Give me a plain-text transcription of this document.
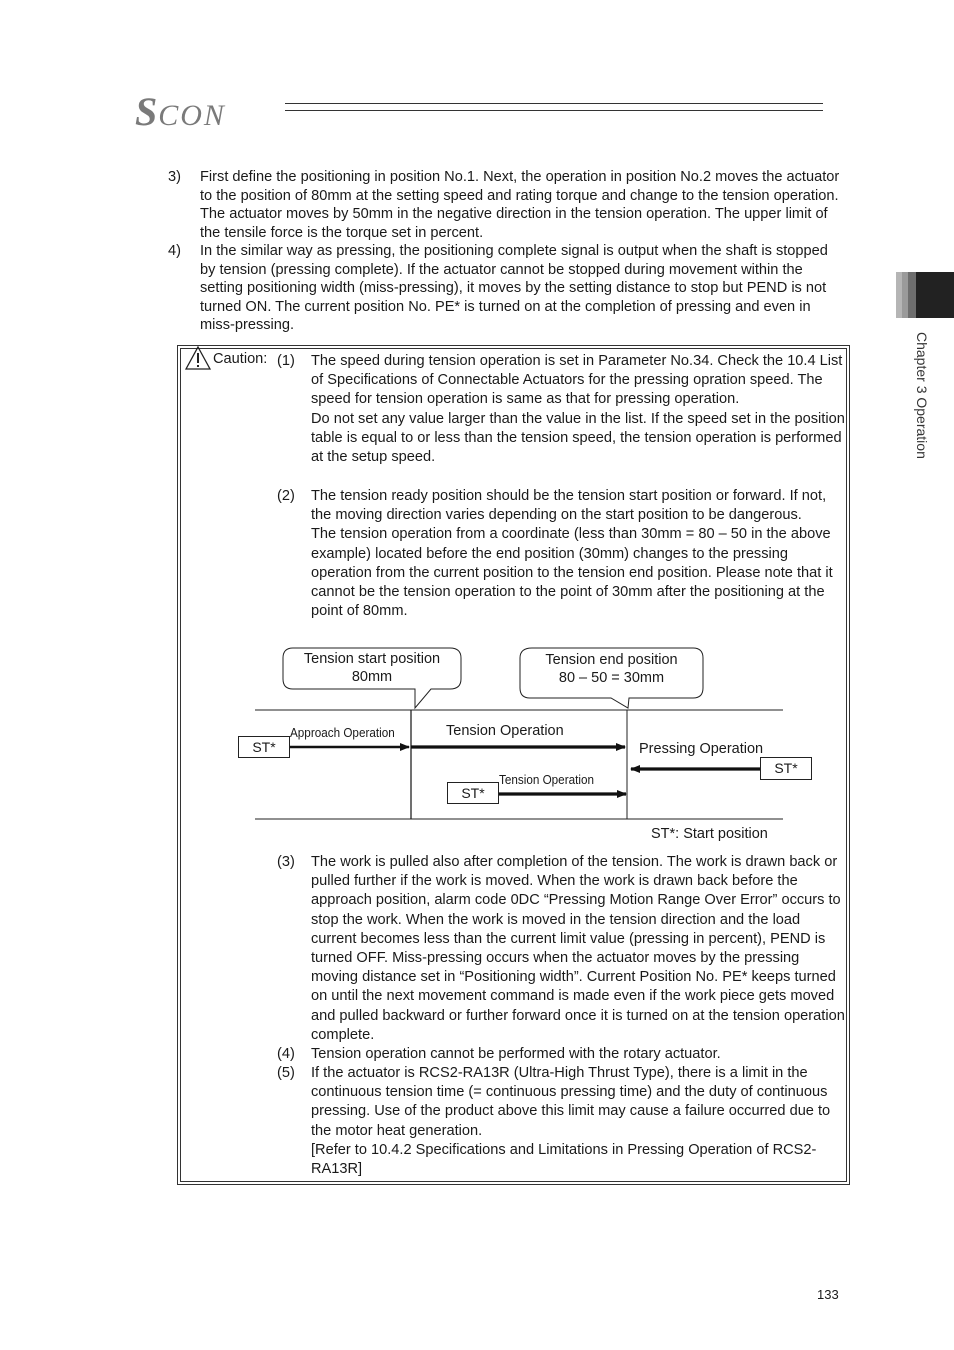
SCON
Chapter 3 Operation
3) First define the positioning in position No.1. Next, the operation in position No.2 moves the actuator to the position of 80mm at the setting speed and rating torque and change to the tension operation. The actuator moves by 50mm in the negative direction in the tension operation. The upper limit of the tensile force is the torque set in percent.
4) In the similar way as pressing, the positioning complete signal is output when the shaft is stopped by tension (pressing complete). If the actuator cannot be stopped during movement within the setting positioning width (miss-pressing), it moves by the setting distance to stop but PEND is not turned ON. The current position No. PE* is turned on at the completion of pressing and even in miss-pressing.
Caution: (1) The speed during tension operation is set in Parameter No.34. Check the 10.4 List of Specifications of Connectable Actuators for the pressing opration speed. The speed for tension operation is same as that for pressing operation.
Do not set any value larger than the value in the list. If the speed set in the position table is equal to or less than the tension speed, the tension operation is performed at the setup speed.
(2) The tension ready position should be the tension start position or forward. If not, the moving direction varies depending on the start position to be dangerous.
The tension operation from a coordinate (less than 30mm = 80 – 50 in the above example) located before the end position (30mm) changes to the pressing operation from the current position to the tension end position. Please note that it cannot be the tension operation to the point of 30mm after the positioning at the point of 80mm.
Tension start position
80mm
Tension end position
80 – 50 = 30mm
ST*
Approach Operation	Tension Operation
ST*
Tension Operation
Pressing Operation
ST*
ST*: Start position
(3) The work is pulled also after completion of the tension. The work is drawn back or pulled further if the work is moved. When the work is drawn back before the approach position, alarm code 0DC “Pressing Motion Range Over Error” occurs to stop the work. When the work is moved in the tension direction and the load current becomes less than the current limit value (pressing in percent), PEND is turned OFF. Miss-pressing occurs when the actuator moves by the pressing moving distance set in “Positioning width”. Current Position No. PE* keeps turned on until the next movement command is made even if the work piece gets moved and pulled backward or further forward once it is turned on at the tension operation complete.
(4) Tension operation cannot be performed with the rotary actuator.
(5) If the actuator is RCS2-RA13R (Ultra-High Thrust Type), there is a limit in the continuous tension time (= continuous pressing time) and the duty of continuous pressing. Use of the product above this limit may cause a failure occurred due to the motor heat generation.
[Refer to 10.4.2 Specifications and Limitations in Pressing Operation of RCS2-RA13R]
133
